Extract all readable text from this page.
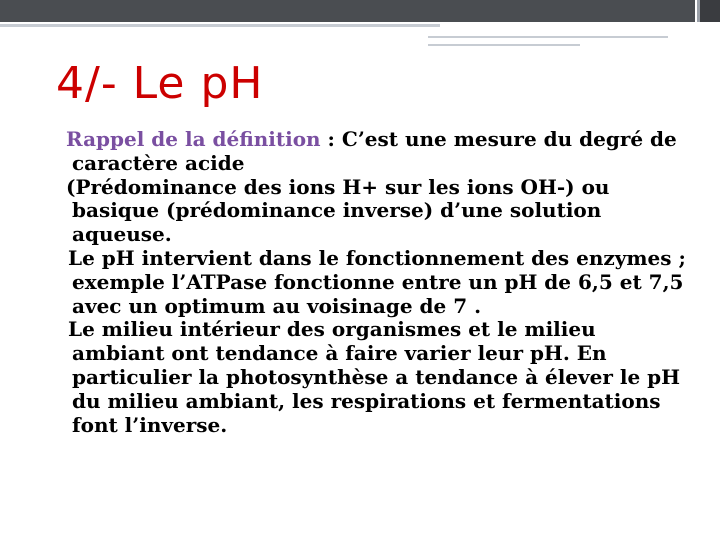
4/- Le pH
Rappel de la définition : C’est une mesure du degré de caractère acide
(Prédominance des ions H+ sur les ions OH-) ou basique (prédominance inverse) d’une solution aqueuse.
Le pH intervient dans le fonctionnement des enzymes ; exemple l’ATPase fonctionne entre un pH de 6,5 et 7,5 avec un optimum au voisinage de 7 .
Le milieu intérieur des organismes et le milieu ambiant ont tendance à faire varier leur pH. En particulier la photosynthèse a tendance à élever le pH du milieu ambiant, les respirations et fermentations font l’inverse.
